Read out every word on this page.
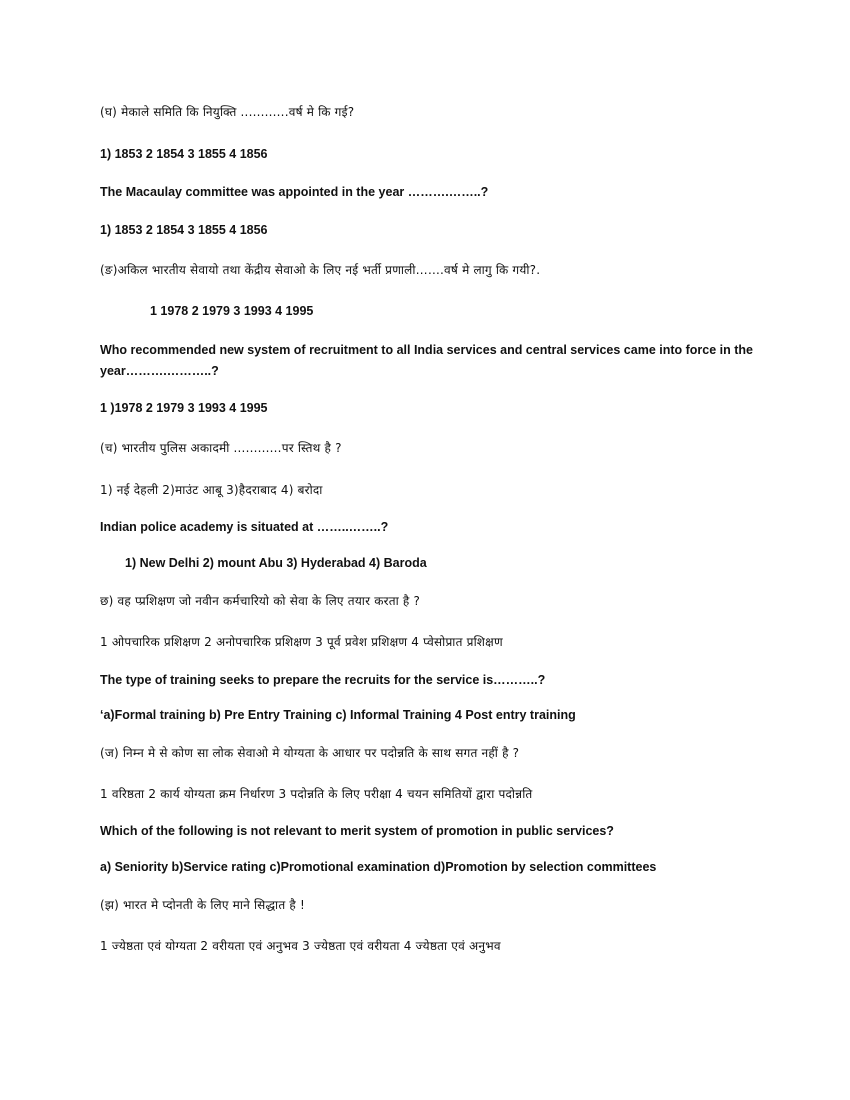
(घ) मेकाले समिति कि नियुक्ति ............वर्ष मे कि गई?
1) 1853 2 1854 3 1855 4 1856
The Macaulay committee was appointed in the year ……….……..?
1) 1853 2 1854 3 1855 4 1856
(ङ)अकिल भारतीय सेवायो तथा केंद्रीय सेवाओ के लिए नई भर्ती प्रणाली…….वर्ष मे लागु कि गयी?.
1 1978 2 1979 3 1993 4 1995
Who recommended new system of recruitment to all India services and central services came into force in the year……….………..?
1 )1978 2 1979 3 1993 4 1995
(च) भारतीय पुलिस अकादमी ............पर स्तिथ है ?
1) नई देहली 2)माउंट आबू 3)हैदराबाद 4) बरोदा
Indian police academy is situated at ……..……..?
1) New Delhi 2) mount Abu 3) Hyderabad 4) Baroda
छ) वह प्प्रशिक्षण जो नवीन कर्मचारियो को सेवा के लिए तयार करता है ?
1 ओपचारिक प्रशिक्षण 2 अनोपचारिक प्रशिक्षण 3 पूर्व प्रवेश प्रशिक्षण 4 प्वेसोप्रात प्रशिक्षण
The type of training seeks to prepare the recruits for the service is………..?
‘a)Formal training b) Pre Entry Training c) Informal Training 4 Post entry training
(ज) निम्न मे से कोण सा लोक सेवाओ मे योग्यता के आधार पर पदोन्नति के साथ सगत नहीं है ?
1 वरिष्ठता 2 कार्य योग्यता क्रम निर्धारण 3 पदोन्नति के लिए परीक्षा 4 चयन समितियों द्वारा पदोन्नति
Which of the following is not relevant to merit system of promotion in public services?
a) Seniority b)Service rating c)Promotional examination d)Promotion by selection committees
(झ) भारत मे प्दोनती के लिए माने सिद्धात है !
1 ज्येष्ठता एवं योग्यता 2 वरीयता एवं अनुभव 3 ज्येष्ठता एवं वरीयता 4 ज्येष्ठता एवं अनुभव
